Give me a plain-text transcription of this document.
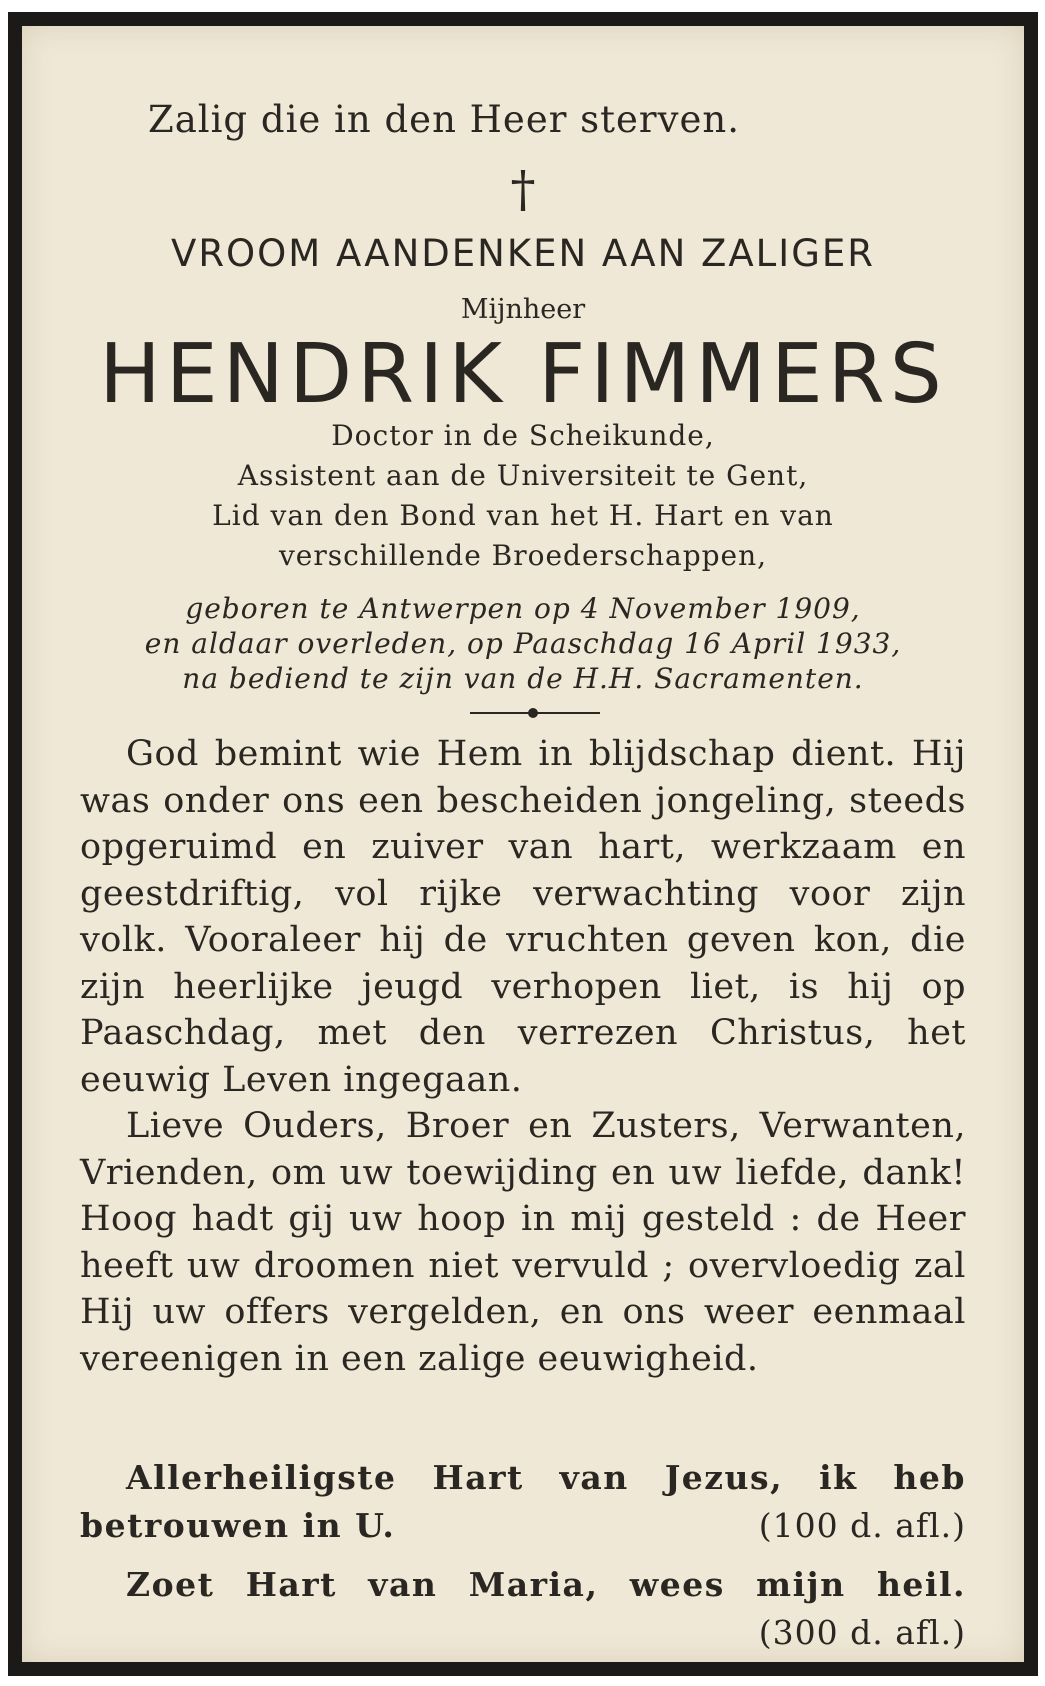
Zalig die in den Heer sterven.
†
VROOM AANDENKEN AAN ZALIGER
Mijnheer
HENDRIK FIMMERS
Doctor in de Scheikunde,
Assistent aan de Universiteit te Gent,
Lid van den Bond van het H. Hart en van
verschillende Broederschappen,
geboren te Antwerpen op 4 November 1909,
en aldaar overleden, op Paaschdag 16 April 1933,
na bediend te zijn van de H.H. Sacramenten.

God bemint wie Hem in blijdschap dient. Hij was onder ons een bescheiden jongeling, steeds opgeruimd en zuiver van hart, werkzaam en geestdriftig, vol rijke verwachting voor zijn volk. Vooraleer hij de vruchten geven kon, die zijn heerlijke jeugd verhopen liet, is hij op Paaschdag, met den verrezen Christus, het eeuwig Leven ingegaan.

Lieve Ouders, Broer en Zusters, Verwanten, Vrienden, om uw toewijding en uw liefde, dank! Hoog hadt gij uw hoop in mij gesteld : de Heer heeft uw droomen niet vervuld ; overvloedig zal Hij uw offers vergelden, en ons weer eenmaal vereenigen in een zalige eeuwigheid.

Allerheiligste Hart van Jezus, ik heb
betrouwen in U.	(100 d. afl.)
Zoet Hart van Maria, wees mijn heil.
(300 d. afl.)
